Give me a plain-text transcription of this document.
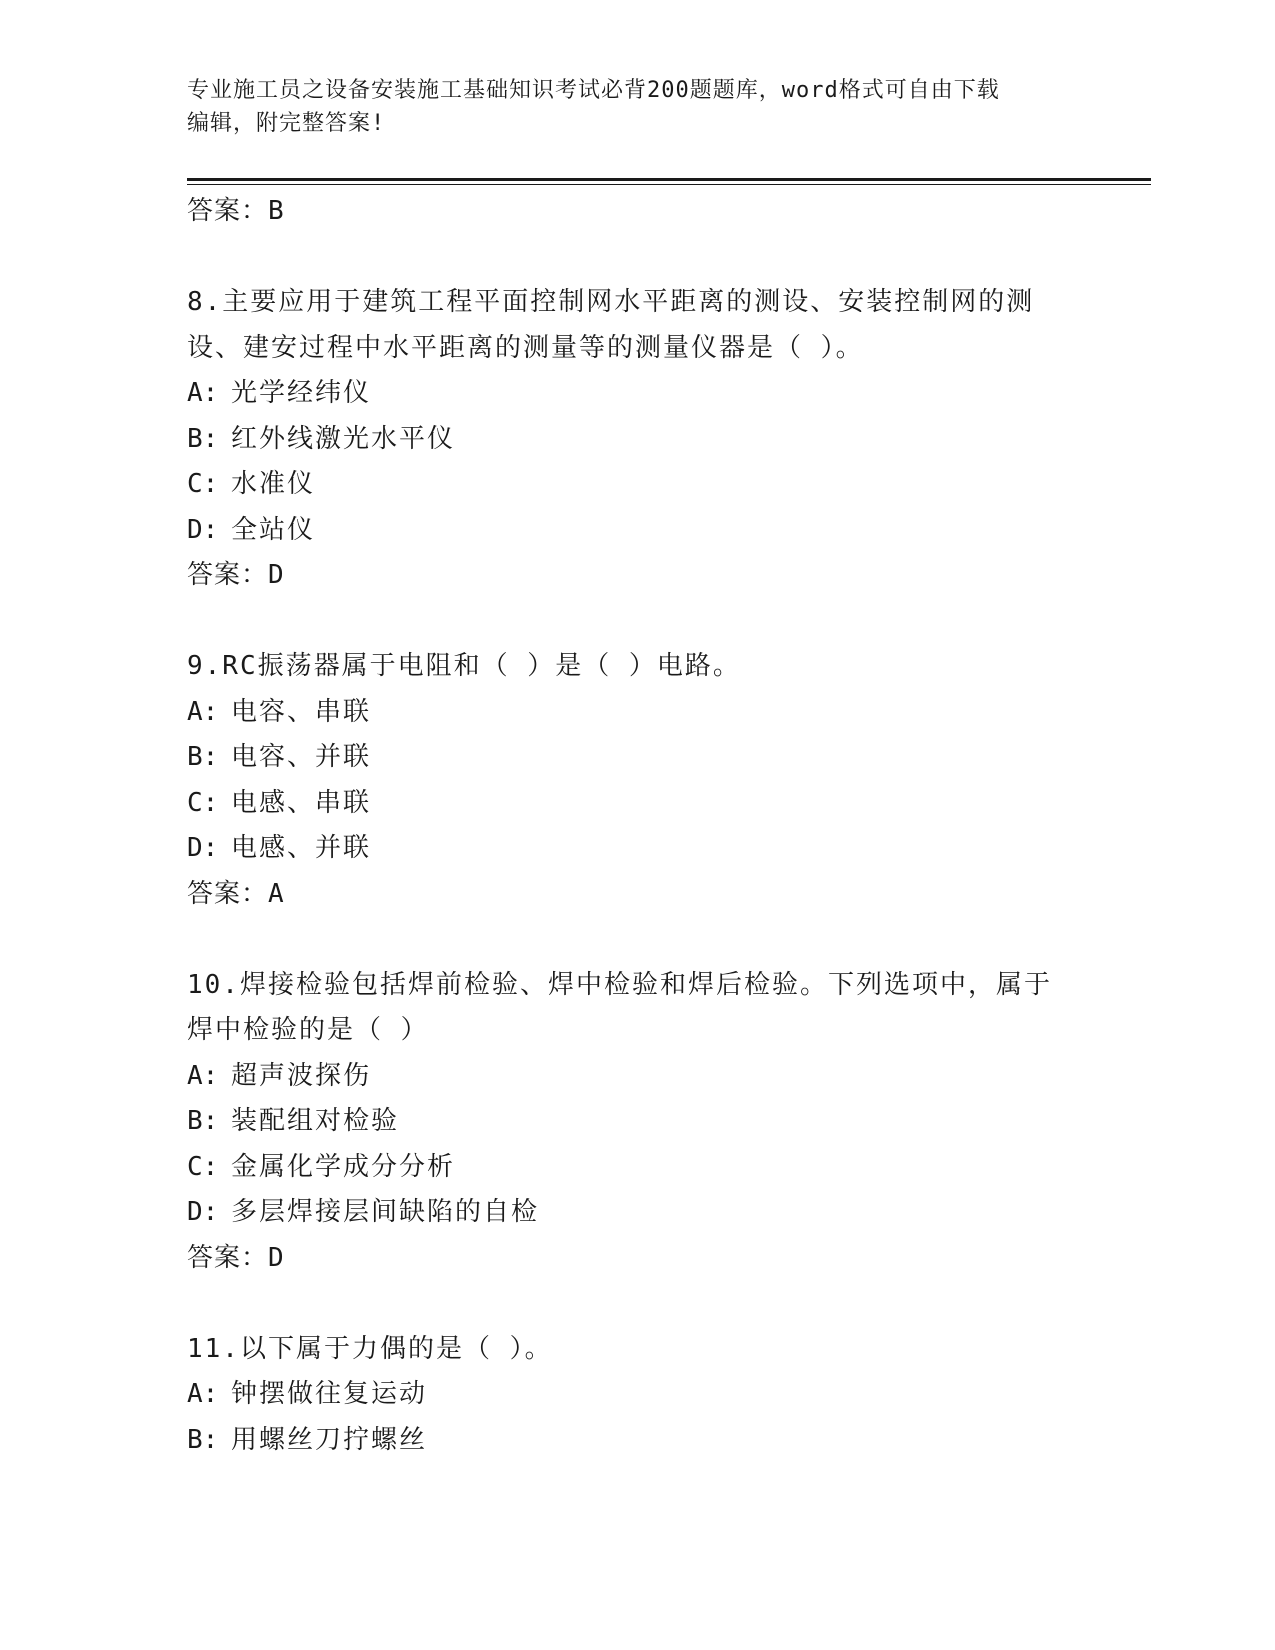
专业施工员之设备安装施工基础知识考试必背200题题库，word格式可自由下载
编辑，附完整答案!
答案：B
8.主要应用于建筑工程平面控制网水平距离的测设、安装控制网的测
设、建安过程中水平距离的测量等的测量仪器是（ ）。
A: 光学经纬仪
B: 红外线激光水平仪
C: 水准仪
D: 全站仪
答案：D
9.RC振荡器属于电阻和（ ）是（ ）电路。
A: 电容、串联
B: 电容、并联
C: 电感、串联
D: 电感、并联
答案：A
10.焊接检验包括焊前检验、焊中检验和焊后检验。下列选项中，属于
焊中检验的是（ ）
A: 超声波探伤
B: 装配组对检验
C: 金属化学成分分析
D: 多层焊接层间缺陷的自检
答案：D
11.以下属于力偶的是（ ）。
A: 钟摆做往复运动
B: 用螺丝刀拧螺丝
